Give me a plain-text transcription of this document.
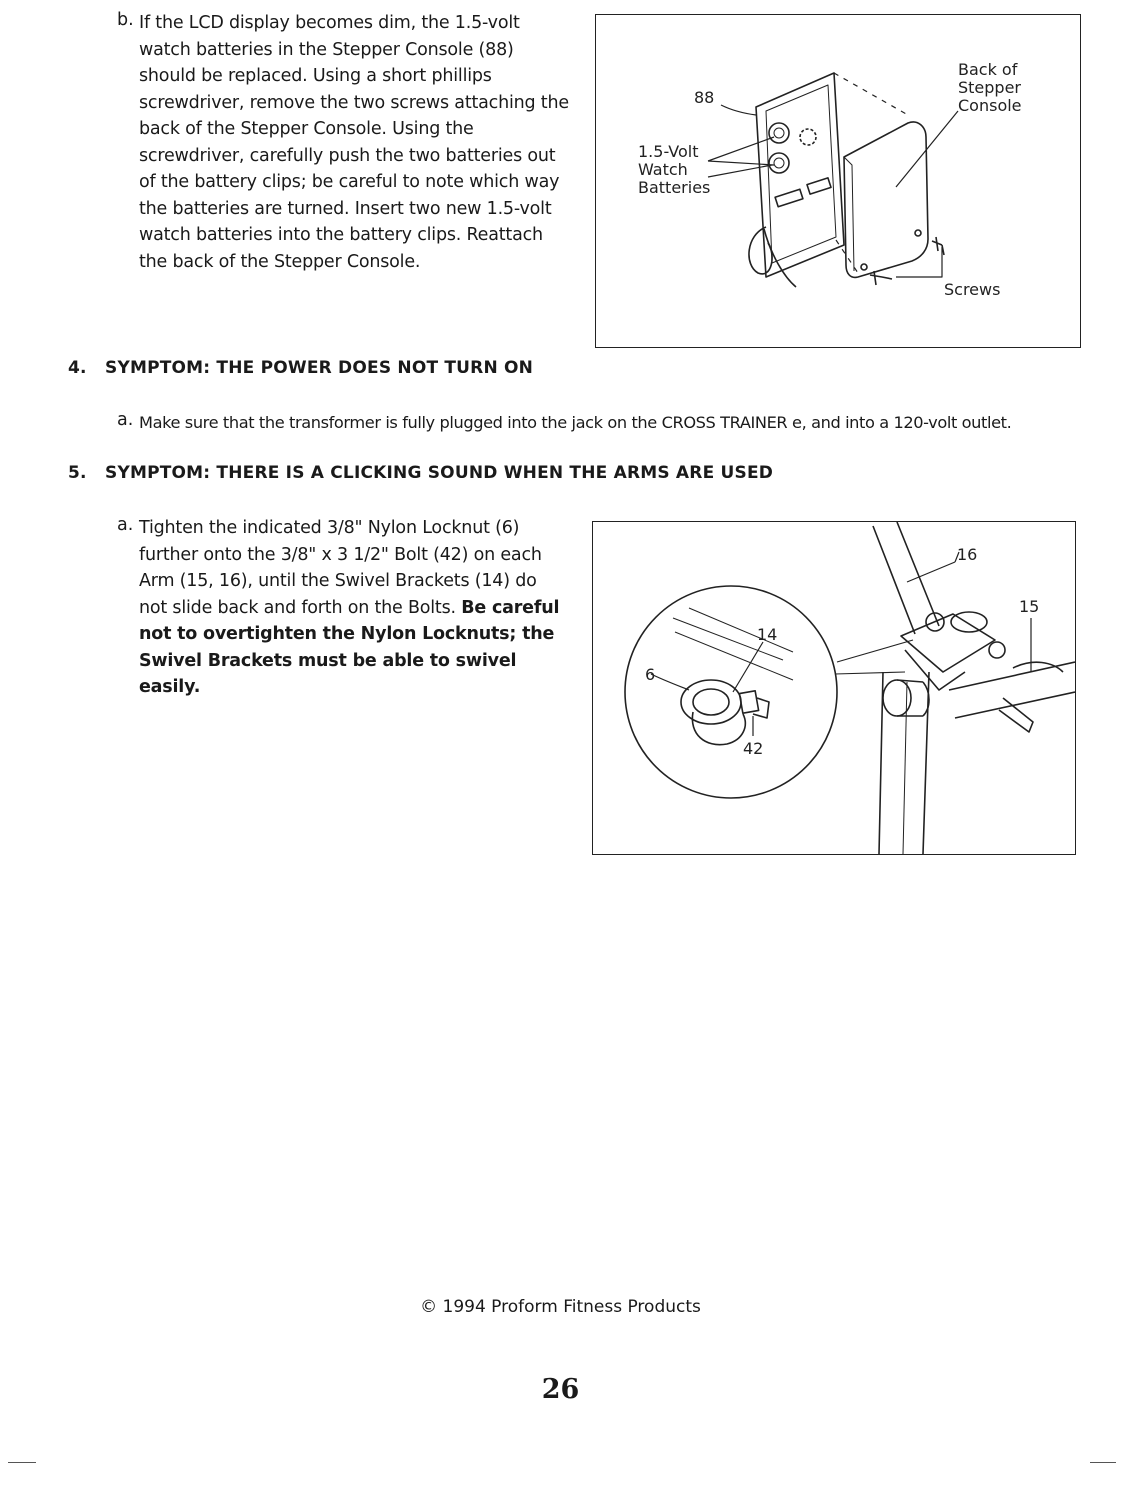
b. If the LCD display becomes dim, the 1.5-volt watch batteries in the Stepper Console (88) should be replaced. Using a short phillips screwdriver, remove the two screws attaching the back of the Stepper Console. Using the screwdriver, carefully push the two batteries out of the battery clips; be careful to note which way the batteries are turned. Insert two new 1.5-volt watch batteries into the battery clips. Reattach the back of the Stepper Console.
88
1.5-Volt
Watch
Batteries
Back of
Stepper
Console
Screws
4. SYMPTOM: THE POWER DOES NOT TURN ON
a. Make sure that the transformer is fully plugged into the jack on the CROSS TRAINER e, and into a 120-volt outlet.
5. SYMPTOM: THERE IS A CLICKING SOUND WHEN THE ARMS ARE USED
a. Tighten the indicated 3/8" Nylon Locknut (6) further onto the 3/8" x 3 1/2" Bolt (42) on each Arm (15, 16), until the Swivel Brackets (14) do not slide back and forth on the Bolts. Be careful not to overtighten the Nylon Locknuts; the Swivel Brackets must be able to swivel easily.
16
15
14
6
42
© 1994 Proform Fitness Products
26
